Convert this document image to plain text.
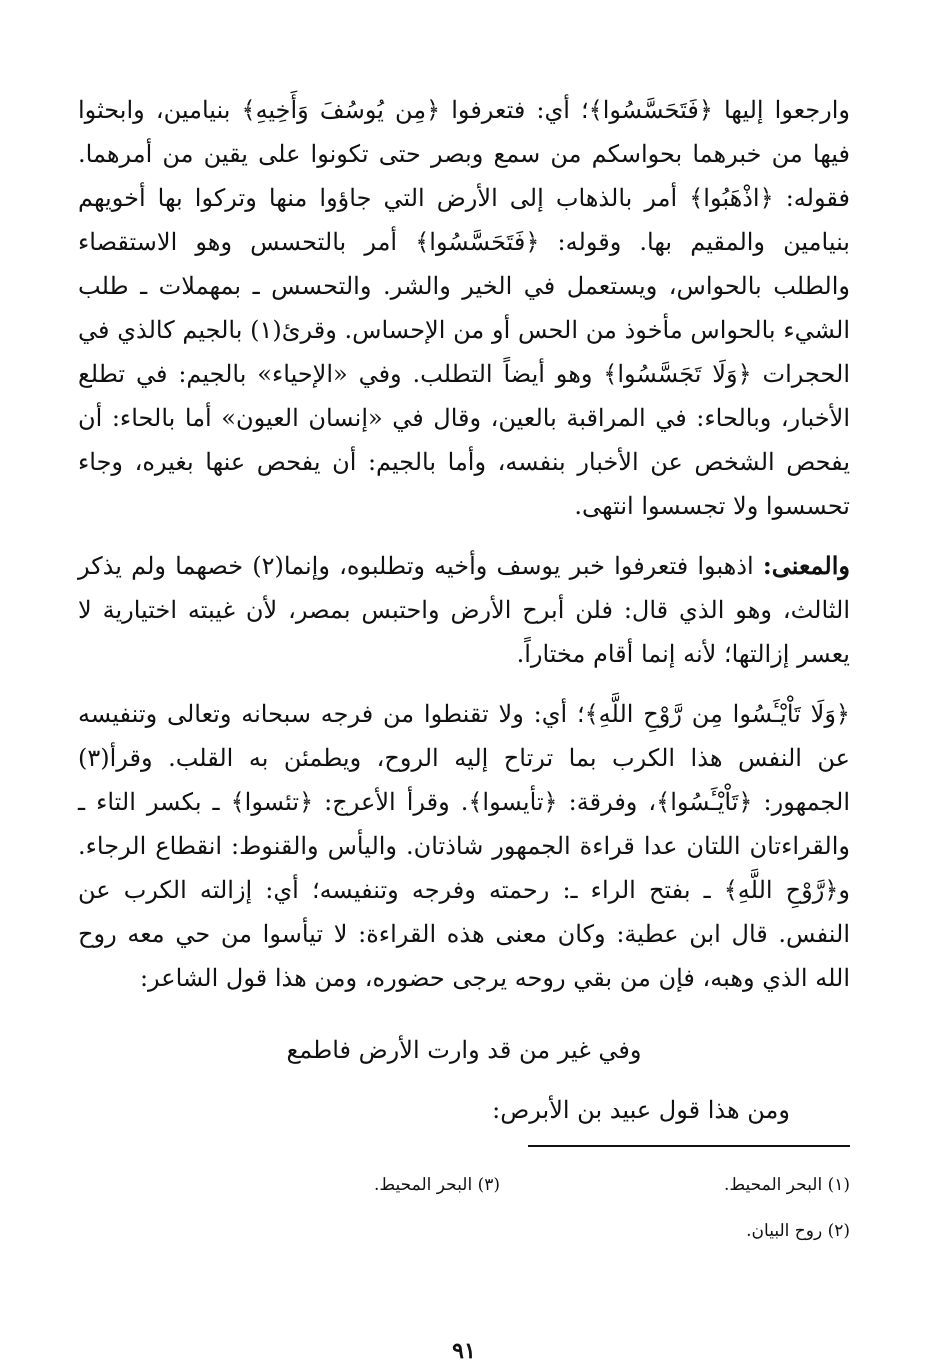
وارجعوا إليها ﴿فَتَحَسَّسُوا﴾؛ أي: فتعرفوا ﴿مِن يُوسُفَ وَأَخِيهِ﴾ بنيامين، وابحثوا فيها من خبرهما بحواسكم من سمع وبصر حتى تكونوا على يقين من أمرهما. فقوله: ﴿اذْهَبُوا﴾ أمر بالذهاب إلى الأرض التي جاؤوا منها وتركوا بها أخويهم بنيامين والمقيم بها. وقوله: ﴿فَتَحَسَّسُوا﴾ أمر بالتحسس وهو الاستقصاء والطلب بالحواس، ويستعمل في الخير والشر. والتحسس ـ بمهملات ـ طلب الشيء بالحواس مأخوذ من الحس أو من الإحساس. وقرئ(١) بالجيم كالذي في الحجرات ﴿وَلَا تَجَسَّسُوا﴾ وهو أيضاً التطلب. وفي «الإحياء» بالجيم: في تطلع الأخبار، وبالحاء: في المراقبة بالعين، وقال في «إنسان العيون» أما بالحاء: أن يفحص الشخص عن الأخبار بنفسه، وأما بالجيم: أن يفحص عنها بغيره، وجاء تحسسوا ولا تجسسوا انتهى.

والمعنى: اذهبوا فتعرفوا خبر يوسف وأخيه وتطلبوه، وإنما(٢) خصهما ولم يذكر الثالث، وهو الذي قال: فلن أبرح الأرض واحتبس بمصر، لأن غيبته اختيارية لا يعسر إزالتها؛ لأنه إنما أقام مختاراً.

﴿وَلَا تَاْيْـَٔسُوا مِن رَّوْحِ اللَّهِ﴾؛ أي: ولا تقنطوا من فرجه سبحانه وتعالى وتنفيسه عن النفس هذا الكرب بما ترتاح إليه الروح، ويطمئن به القلب. وقرأ(٣) الجمهور: ﴿تَاْيْـَٔسُوا﴾، وفرقة: ﴿تأيسوا﴾. وقرأ الأعرج: ﴿تئسوا﴾ ـ بكسر التاء ـ والقراءتان اللتان عدا قراءة الجمهور شاذتان. واليأس والقنوط: انقطاع الرجاء. و﴿رَّوْحِ اللَّهِ﴾ ـ بفتح الراء ـ: رحمته وفرجه وتنفيسه؛ أي: إزالته الكرب عن النفس. قال ابن عطية: وكان معنى هذه القراءة: لا تيأسوا من حي معه روح الله الذي وهبه، فإن من بقي روحه يرجى حضوره، ومن هذا قول الشاعر:

وفي غير من قد وارت الأرض فاطمع

ومن هذا قول عبيد بن الأبرص:

(١) البحر المحيط.
(٣) البحر المحيط.
(٢) روح البيان.
٩١
